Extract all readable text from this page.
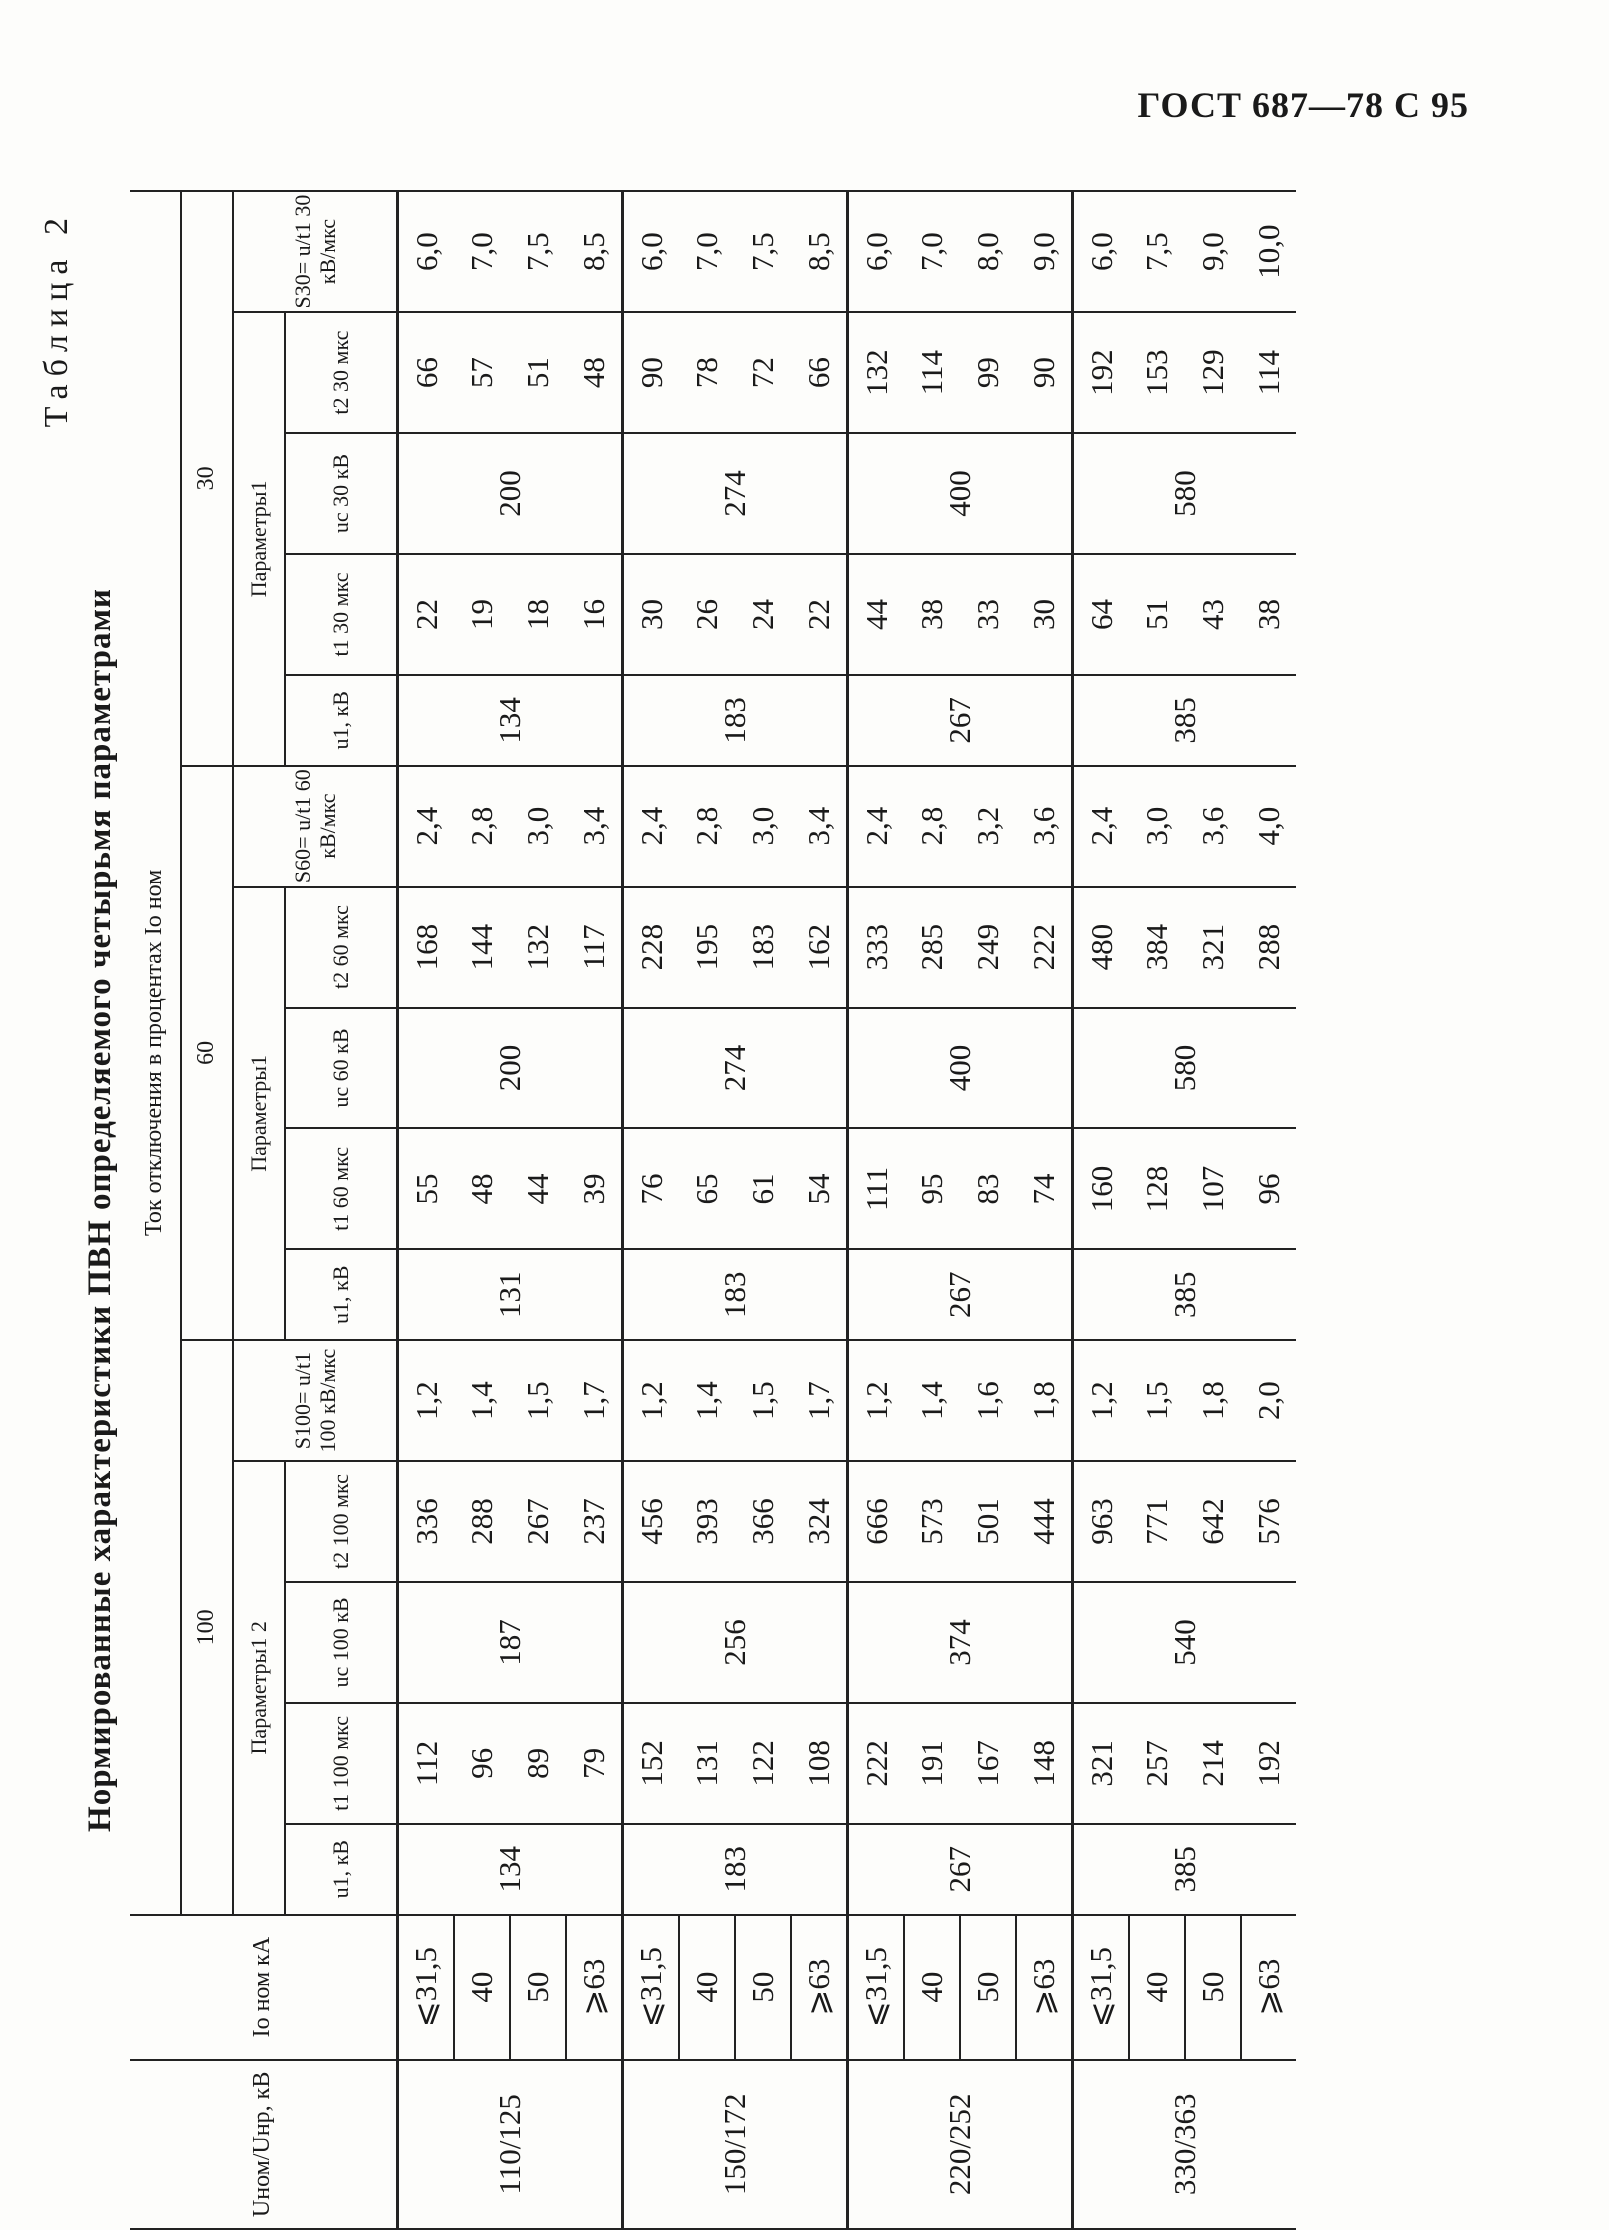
ГОСТ 687—78 С 95
Таблица 2
Нормированные характеристики ПВН определяемого четырьмя параметрами
Uном/Uнр, кВ	Iо ном кА	Ток отключения в процентах Iо ном														
		100					60					30				
		Параметры1 2				S100= u/t1 100 кВ/мкс	Параметры1				S60= u/t1 60 кВ/мкс	Параметры1				S30= u/t1 30 кВ/мкс
		u1, кВ	t1 100 мкс	uc 100 кВ	t2 100 мкс		u1, кВ	t1 60 мкс	uc 60 кВ	t2 60 мкс		u1, кВ	t1 30 мкс	uc 30 кВ	t2 30 мкс	
110/125	⩽31,5	134	112	187	336	1,2	131	55	200	168	2,4	134	22	200	66	6,0
	40		96		288	1,4		48		144	2,8		19		57	7,0
	50		89		267	1,5		44		132	3,0		18		51	7,5
	⩾63		79		237	1,7		39		117	3,4		16		48	8,5
150/172	⩽31,5	183	152	256	456	1,2	183	76	274	228	2,4	183	30	274	90	6,0
	40		131		393	1,4		65		195	2,8		26		78	7,0
	50		122		366	1,5		61		183	3,0		24		72	7,5
	⩾63		108		324	1,7		54		162	3,4		22		66	8,5
220/252	⩽31,5	267	222	374	666	1,2	267	111	400	333	2,4	267	44	400	132	6,0
	40		191		573	1,4		95		285	2,8		38		114	7,0
	50		167		501	1,6		83		249	3,2		33		99	8,0
	⩾63		148		444	1,8		74		222	3,6		30		90	9,0
330/363	⩽31,5	385	321	540	963	1,2	385	160	580	480	2,4	385	64	580	192	6,0
	40		257		771	1,5		128		384	3,0		51		153	7,5
	50		214		642	1,8		107		321	3,6		43		129	9,0
	⩾63		192		576	2,0		96		288	4,0		38		114	10,0
